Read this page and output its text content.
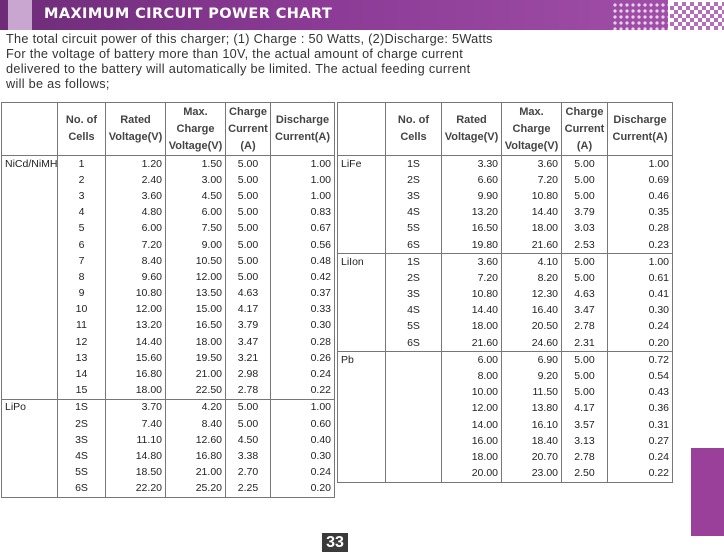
MAXIMUM CIRCUIT POWER CHART

The total circuit power of this charger; (1) Charge : 50 Watts, (2)Discharge: 5Watts

For the voltage of battery more than 10V, the actual amount of charge current

delivered to the battery will automatically be limited. The actual feeding current

will be as follows;

	No. of Cells	Rated Voltage(V)	Max. Charge Voltage(V)	Charge Current (A)	Discharge Current(A)
NiCd/NiMH	1	1.20	1.50	5.00	1.00
	2	2.40	3.00	5.00	1.00
	3	3.60	4.50	5.00	1.00
	4	4.80	6.00	5.00	0.83
	5	6.00	7.50	5.00	0.67
	6	7.20	9.00	5.00	0.56
	7	8.40	10.50	5.00	0.48
	8	9.60	12.00	5.00	0.42
	9	10.80	13.50	4.63	0.37
	10	12.00	15.00	4.17	0.33
	11	13.20	16.50	3.79	0.30
	12	14.40	18.00	3.47	0.28
	13	15.60	19.50	3.21	0.26
	14	16.80	21.00	2.98	0.24
	15	18.00	22.50	2.78	0.22
LiPo	1S	3.70	4.20	5.00	1.00
	2S	7.40	8.40	5.00	0.60
	3S	11.10	12.60	4.50	0.40
	4S	14.80	16.80	3.38	0.30
	5S	18.50	21.00	2.70	0.24
	6S	22.20	25.20	2.25	0.20
	No. of Cells	Rated Voltage(V)	Max. Charge Voltage(V)	Charge Current (A)	Discharge Current(A)
LiFe	1S	3.30	3.60	5.00	1.00
	2S	6.60	7.20	5.00	0.69
	3S	9.90	10.80	5.00	0.46
	4S	13.20	14.40	3.79	0.35
	5S	16.50	18.00	3.03	0.28
	6S	19.80	21.60	2.53	0.23
LiIon	1S	3.60	4.10	5.00	1.00
	2S	7.20	8.20	5.00	0.61
	3S	10.80	12.30	4.63	0.41
	4S	14.40	16.40	3.47	0.30
	5S	18.00	20.50	2.78	0.24
	6S	21.60	24.60	2.31	0.20
Pb		6.00	6.90	5.00	0.72
		8.00	9.20	5.00	0.54
		10.00	11.50	5.00	0.43
		12.00	13.80	4.17	0.36
		14.00	16.10	3.57	0.31
		16.00	18.40	3.13	0.27
		18.00	20.70	2.78	0.24
		20.00	23.00	2.50	0.22
33
